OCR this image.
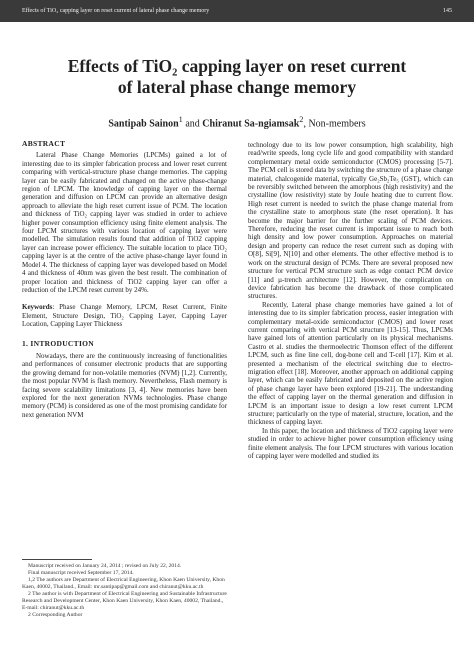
Effects of TiO₂ capping layer on reset current of lateral phase change memory	145
Effects of TiO₂ capping layer on reset current
of lateral phase change memory
Santipab Sainon$^1$ and Chiranut Sa-ngiamsak$^2$, Non-members
ABSTRACT

Lateral Phase Change Memories (LPCMs) gained a lot of interesting due to its simpler fabrication process and lower reset current comparing with vertical-structure phase change memories. The capping layer can be easily fabricated and changed on the active phase-change region of LPCM. The knowledge of capping layer on the thermal generation and diffusion on LPCM can provide an alternative design approach to alleviate the high reset current issue of PCM. The location and thickness of TiO₂ capping layer was studied in order to achieve higher power consumption efficiency using finite element analysis. The four LPCM structures with various location of capping layer were modelled. The simulation results found that addition of TiO2 capping layer can increase power efficiency. The suitable location to place TiO₂ capping layer is at the centre of the active phase-change layer found in Model 4. The thickness of capping layer was developed based on Model 4 and thickness of 40nm was given the best result. The combination of proper location and thickness of TiO2 capping layer can offer a reduction of the LPCM reset current by 24%.

Keywords: Phase Change Memory, LPCM, Reset Current, Finite Element, Structure Design, TiO₂ Capping Layer, Capping Layer Location, Capping Layer Thickness

1. INTRODUCTION

Nowadays, there are the continuously increasing of functionalities and performances of consumer electronic products that are supporting the growing demand for non-volatile memories (NVM) [1,2]. Currently, the most popular NVM is flash memory. Nevertheless, Flash memory is facing severe scalability limitations [3, 4]. New memories have been explored for the next generation NVMs technologies. Phase change memory (PCM) is considered as one of the most promising candidate for next generation NVM

Manuscript received on January 24, 2014 ; revised on July 22, 2014.

Final manuscript received September 17, 2014.

1,2 The authors are Department of Electrical Engineering, Khon Kaen University, Khon Kaen, 40002, Thailand., Email: mr.santipap@gmail.com and chiranut@kku.ac.th

2 The author is with Department of Electrical Engineering and Sustainable Infrastructure Research and Development Center, Khon Kaen University, Khon Kaen, 40002, Thailand., E-mail: chiranut@kku.ac.th

2 Corresponding Author

technology due to its low power consumption, high scalability, high read/write speeds, long cycle life and good compatibility with standard complementary metal oxide semiconductor (CMOS) processing [5-7]. The PCM cell is stored data by switching the structure of a phase change material, chalcogenide material, typically Ge₂Sb₂Te₅ (GST), which can be reversibly switched between the amorphous (high resistivity) and the crystalline (low resistivity) state by Joule heating due to current flow. High reset current is needed to switch the phase change material from the crystalline state to amorphous state (the reset operation). It has become the major barrier for the further scaling of PCM devices. Therefore, reducing the reset current is important issue to reach both high density and low power consumption. Approaches on material design and property can reduce the reset current such as doping with O[8], Si[9], N[10] and other elements. The other effective method is to work on the structural design of PCMs. There are several proposed new structure for vertical PCM structure such as edge contact PCM device [11] and µ-trench architecture [12]. However, the complication on device fabrication has become the drawback of those complicated structures.

Recently, Lateral phase change memories have gained a lot of interesting due to its simpler fabrication process, easier integration with complementary metal-oxide semiconductor (CMOS) and lower reset current comparing with vertical PCM structure [13-15]. Thus, LPCMs have gained lots of attention particularly on its physical mechanisms. Castro et al. studies the thermoelectric Thomson effect of the different LPCM, such as fine line cell, dog-bone cell and T-cell [17]. Kim et al. presented a mechanism of the electrical switching due to electro-migration effect [18]. Moreover, another approach on additional capping layer, which can be easily fabricated and deposited on the active region of phase change layer have been explored [19-21]. The understanding the effect of capping layer on the thermal generation and diffusion in LPCM is an important issue to design a low reset current LPCM structure; particularly on the type of material, structure, location, and the thickness of capping layer.

In this paper, the location and thickness of TiO2 capping layer were studied in order to achieve higher power consumption efficiency using finite element analysis. The four LPCM structures with various location of capping layer were modelled and studied its
